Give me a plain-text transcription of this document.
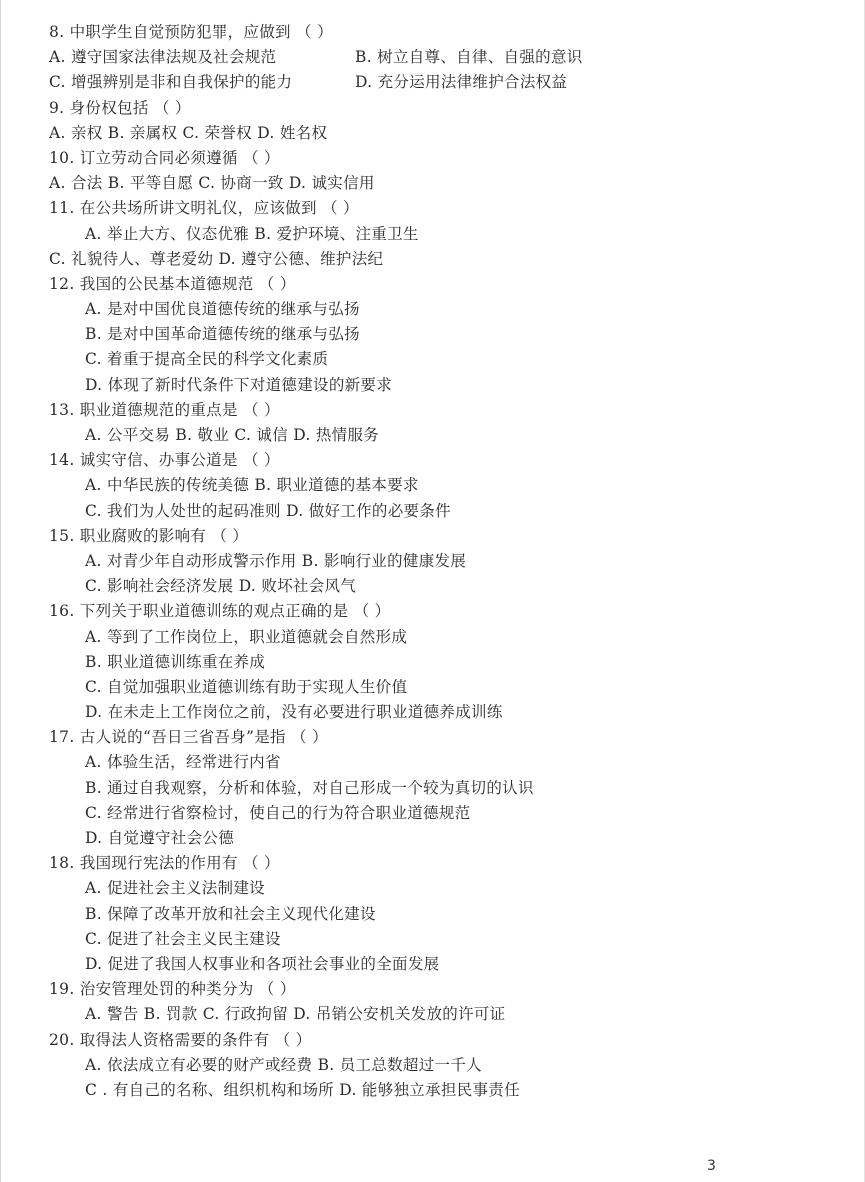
8. 中职学生自觉预防犯罪，应做到 （ ）
A. 遵守国家法律法规及社会规范	B. 树立自尊、自律、自强的意识
C. 增强辨别是非和自我保护的能力	D. 充分运用法律维护合法权益
9. 身份权包括 （ ）
A. 亲权 B. 亲属权 C. 荣誉权 D. 姓名权
10. 订立劳动合同必须遵循 （ ）
A. 合法 B. 平等自愿 C. 协商一致 D. 诚实信用
11. 在公共场所讲文明礼仪，应该做到 （ ）
A. 举止大方、仪态优雅 B. 爱护环境、注重卫生
C. 礼貌待人、尊老爱幼 D. 遵守公德、维护法纪
12. 我国的公民基本道德规范 （ ）
A. 是对中国优良道德传统的继承与弘扬
B. 是对中国革命道德传统的继承与弘扬
C. 着重于提高全民的科学文化素质
D. 体现了新时代条件下对道德建设的新要求
13. 职业道德规范的重点是 （ ）
A. 公平交易 B. 敬业 C. 诚信 D. 热情服务
14. 诚实守信、办事公道是 （ ）
A. 中华民族的传统美德 B. 职业道德的基本要求
C. 我们为人处世的起码准则 D. 做好工作的必要条件
15. 职业腐败的影响有 （ ）
A. 对青少年自动形成警示作用 B. 影响行业的健康发展
C. 影响社会经济发展 D. 败坏社会风气
16. 下列关于职业道德训练的观点正确的是 （ ）
A. 等到了工作岗位上，职业道德就会自然形成
B. 职业道德训练重在养成
C. 自觉加强职业道德训练有助于实现人生价值
D. 在未走上工作岗位之前，没有必要进行职业道德养成训练
17. 古人说的“吾日三省吾身”是指 （ ）
A. 体验生活，经常进行内省
B. 通过自我观察，分析和体验，对自己形成一个较为真切的认识
C. 经常进行省察检讨，使自己的行为符合职业道德规范
D. 自觉遵守社会公德
18. 我国现行宪法的作用有 （ ）
A. 促进社会主义法制建设
B. 保障了改革开放和社会主义现代化建设
C. 促进了社会主义民主建设
D. 促进了我国人权事业和各项社会事业的全面发展
19. 治安管理处罚的种类分为 （ ）
A. 警告 B. 罚款 C. 行政拘留 D. 吊销公安机关发放的许可证
20. 取得法人资格需要的条件有 （ ）
A. 依法成立有必要的财产或经费 B. 员工总数超过一千人
C . 有自己的名称、组织机构和场所 D. 能够独立承担民事责任
3
